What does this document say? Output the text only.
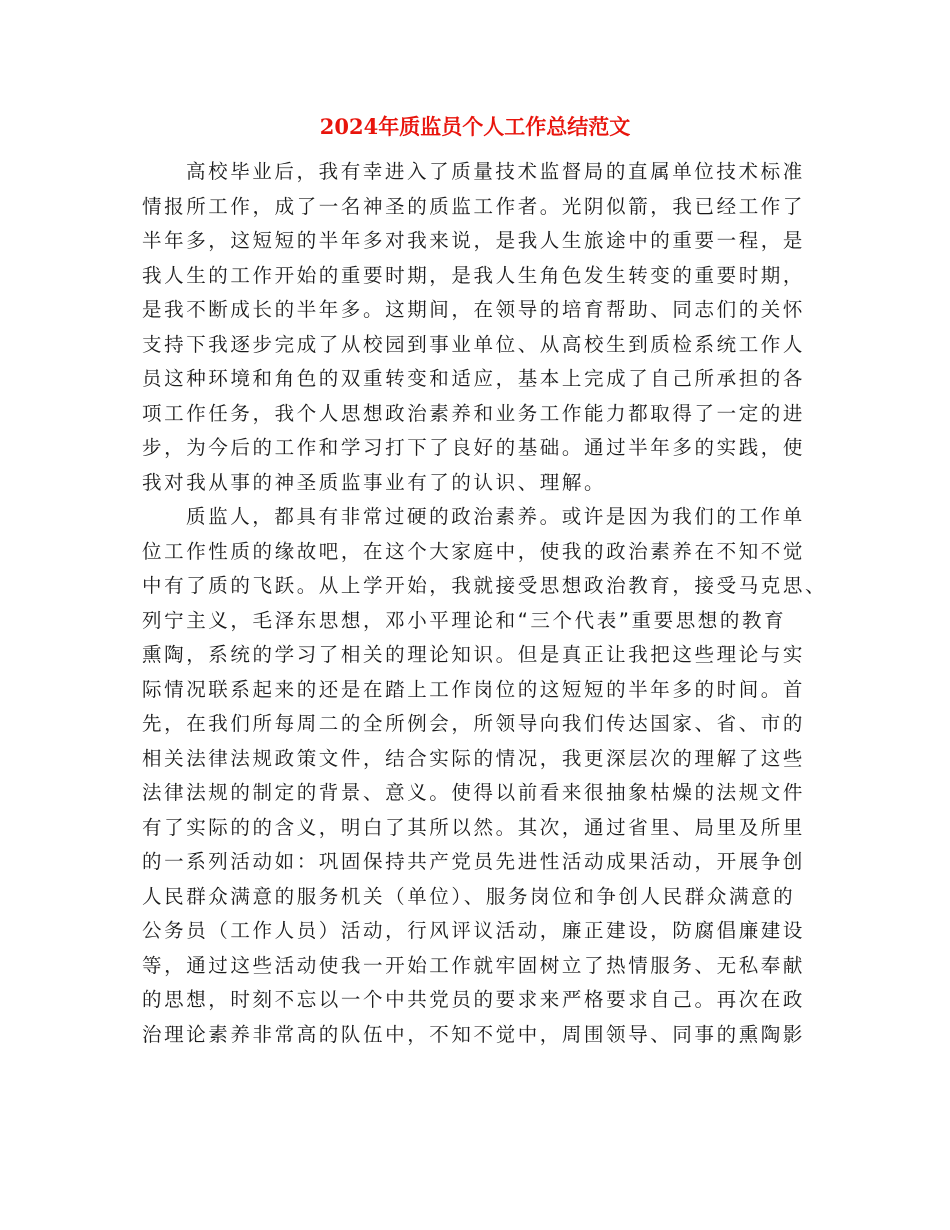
2024年质监员个人工作总结范文
高校毕业后，我有幸进入了质量技术监督局的直属单位技术标准
情报所工作，成了一名神圣的质监工作者。光阴似箭，我已经工作了
半年多，这短短的半年多对我来说，是我人生旅途中的重要一程，是
我人生的工作开始的重要时期，是我人生角色发生转变的重要时期，
是我不断成长的半年多。这期间，在领导的培育帮助、同志们的关怀
支持下我逐步完成了从校园到事业单位、从高校生到质检系统工作人
员这种环境和角色的双重转变和适应，基本上完成了自己所承担的各
项工作任务，我个人思想政治素养和业务工作能力都取得了一定的进
步，为今后的工作和学习打下了良好的基础。通过半年多的实践，使
我对我从事的神圣质监事业有了的认识、理解。
质监人，都具有非常过硬的政治素养。或许是因为我们的工作单
位工作性质的缘故吧，在这个大家庭中，使我的政治素养在不知不觉
中有了质的飞跃。从上学开始，我就接受思想政治教育，接受马克思、
列宁主义，毛泽东思想，邓小平理论和“三个代表”重要思想的教育
熏陶，系统的学习了相关的理论知识。但是真正让我把这些理论与实
际情况联系起来的还是在踏上工作岗位的这短短的半年多的时间。首
先，在我们所每周二的全所例会，所领导向我们传达国家、省、市的
相关法律法规政策文件，结合实际的情况，我更深层次的理解了这些
法律法规的制定的背景、意义。使得以前看来很抽象枯燥的法规文件
有了实际的的含义，明白了其所以然。其次，通过省里、局里及所里
的一系列活动如：巩固保持共产党员先进性活动成果活动，开展争创
人民群众满意的服务机关（单位）、服务岗位和争创人民群众满意的
公务员（工作人员）活动，行风评议活动，廉正建设，防腐倡廉建设
等，通过这些活动使我一开始工作就牢固树立了热情服务、无私奉献
的思想，时刻不忘以一个中共党员的要求来严格要求自己。再次在政
治理论素养非常高的队伍中，不知不觉中，周围领导、同事的熏陶影
